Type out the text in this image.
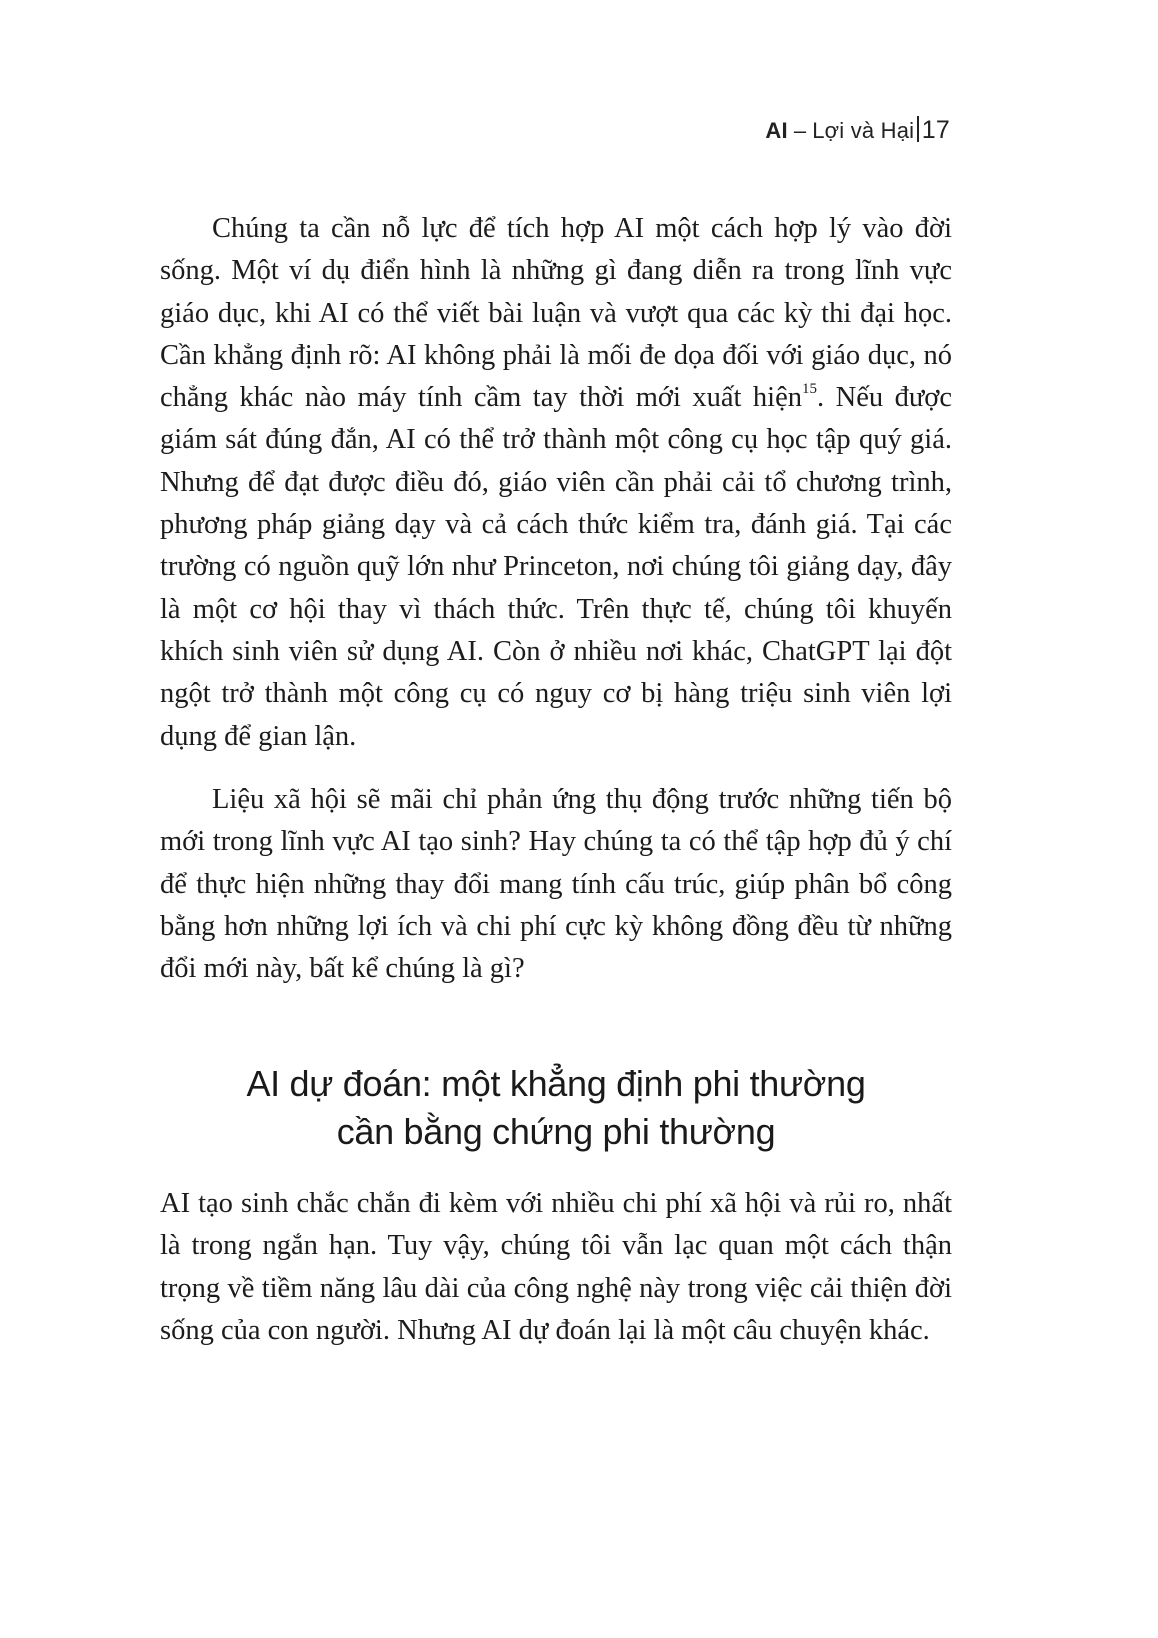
AI – Lợi và Hại 17

Chúng ta cần nỗ lực để tích hợp AI một cách hợp lý vào đời sống. Một ví dụ điển hình là những gì đang diễn ra trong lĩnh vực giáo dục, khi AI có thể viết bài luận và vượt qua các kỳ thi đại học. Cần khẳng định rõ: AI không phải là mối đe dọa đối với giáo dục, nó chẳng khác nào máy tính cầm tay thời mới xuất hiện$^{15}$. Nếu được giám sát đúng đắn, AI có thể trở thành một công cụ học tập quý giá. Nhưng để đạt được điều đó, giáo viên cần phải cải tổ chương trình, phương pháp giảng dạy và cả cách thức kiểm tra, đánh giá. Tại các trường có nguồn quỹ lớn như Princeton, nơi chúng tôi giảng dạy, đây là một cơ hội thay vì thách thức. Trên thực tế, chúng tôi khuyến khích sinh viên sử dụng AI. Còn ở nhiều nơi khác, ChatGPT lại đột ngột trở thành một công cụ có nguy cơ bị hàng triệu sinh viên lợi dụng để gian lận.

Liệu xã hội sẽ mãi chỉ phản ứng thụ động trước những tiến bộ mới trong lĩnh vực AI tạo sinh? Hay chúng ta có thể tập hợp đủ ý chí để thực hiện những thay đổi mang tính cấu trúc, giúp phân bổ công bằng hơn những lợi ích và chi phí cực kỳ không đồng đều từ những đổi mới này, bất kể chúng là gì?

AI dự đoán: một khẳng định phi thường
cần bằng chứng phi thường

AI tạo sinh chắc chắn đi kèm với nhiều chi phí xã hội và rủi ro, nhất là trong ngắn hạn. Tuy vậy, chúng tôi vẫn lạc quan một cách thận trọng về tiềm năng lâu dài của công nghệ này trong việc cải thiện đời sống của con người. Nhưng AI dự đoán lại là một câu chuyện khác.
